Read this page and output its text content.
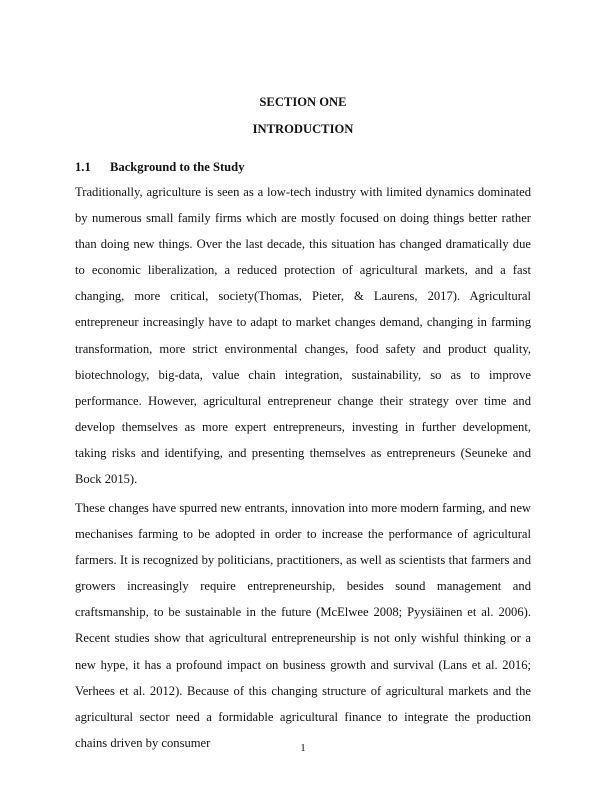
SECTION ONE
INTRODUCTION
1.1 Background to the Study

Traditionally, agriculture is seen as a low-tech industry with limited dynamics dominated by numerous small family firms which are mostly focused on doing things better rather than doing new things. Over the last decade, this situation has changed dramatically due to economic liberalization, a reduced protection of agricultural markets, and a fast changing, more critical, society(Thomas, Pieter, & Laurens, 2017). Agricultural entrepreneur increasingly have to adapt to market changes demand, changing in farming transformation, more strict environmental changes, food safety and product quality, biotechnology, big-data, value chain integration, sustainability, so as to improve performance. However, agricultural entrepreneur change their strategy over time and develop themselves as more expert entrepreneurs, investing in further development, taking risks and identifying, and presenting themselves as entrepreneurs (Seuneke and Bock 2015).

These changes have spurred new entrants, innovation into more modern farming, and new mechanises farming to be adopted in order to increase the performance of agricultural farmers. It is recognized by politicians, practitioners, as well as scientists that farmers and growers increasingly require entrepreneurship, besides sound management and craftsmanship, to be sustainable in the future (McElwee 2008; Pyysiäinen et al. 2006). Recent studies show that agricultural entrepreneurship is not only wishful thinking or a new hype, it has a profound impact on business growth and survival (Lans et al. 2016; Verhees et al. 2012). Because of this changing structure of agricultural markets and the agricultural sector need a formidable agricultural finance to integrate the production chains driven by consumer	1
